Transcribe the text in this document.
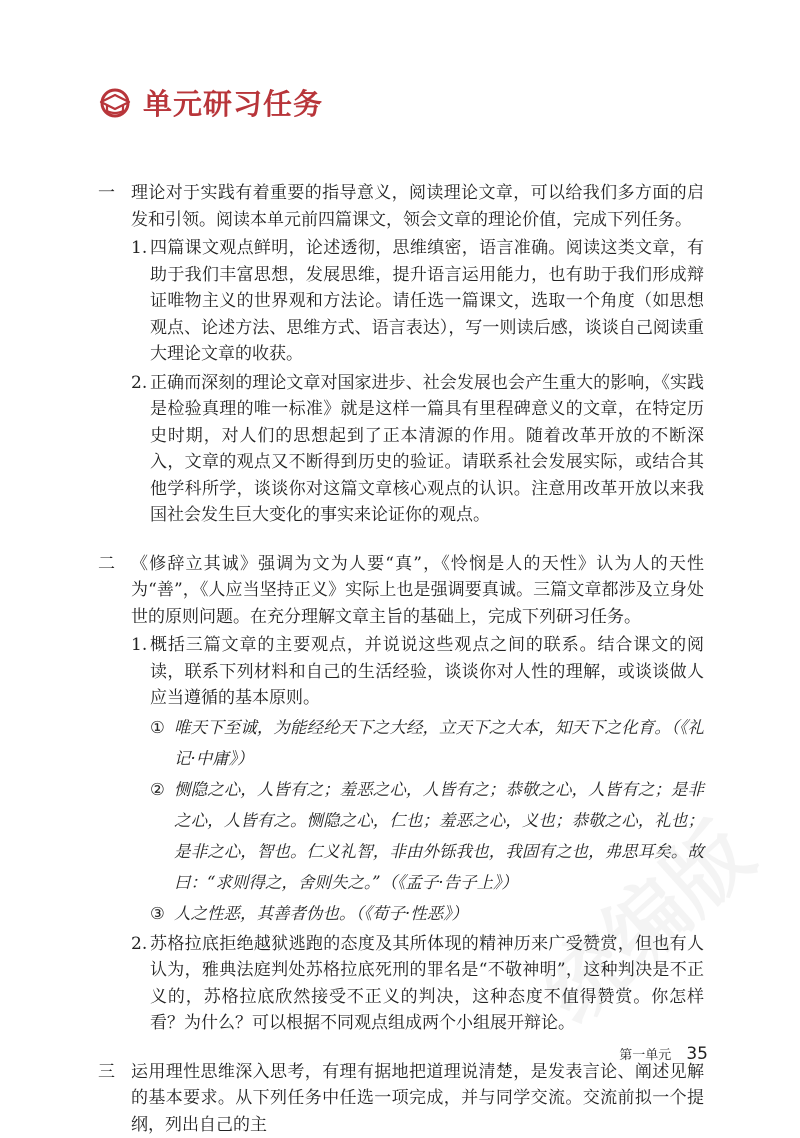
单元研习任务
一 理论对于实践有着重要的指导意义，阅读理论文章，可以给我们多方面的启发和引领。阅读本单元前四篇课文，领会文章的理论价值，完成下列任务。
1. 四篇课文观点鲜明，论述透彻，思维缜密，语言准确。阅读这类文章，有助于我们丰富思想，发展思维，提升语言运用能力，也有助于我们形成辩证唯物主义的世界观和方法论。请任选一篇课文，选取一个角度（如思想观点、论述方法、思维方式、语言表达），写一则读后感，谈谈自己阅读重大理论文章的收获。
2. 正确而深刻的理论文章对国家进步、社会发展也会产生重大的影响，《实践是检验真理的唯一标准》就是这样一篇具有里程碑意义的文章，在特定历史时期，对人们的思想起到了正本清源的作用。随着改革开放的不断深入，文章的观点又不断得到历史的验证。请联系社会发展实际，或结合其他学科所学，谈谈你对这篇文章核心观点的认识。注意用改革开放以来我国社会发生巨大变化的事实来论证你的观点。
二 《修辞立其诚》强调为文为人要“真”，《怜悯是人的天性》认为人的天性为“善”，《人应当坚持正义》实际上也是强调要真诚。三篇文章都涉及立身处世的原则问题。在充分理解文章主旨的基础上，完成下列研习任务。
1. 概括三篇文章的主要观点，并说说这些观点之间的联系。结合课文的阅读，联系下列材料和自己的生活经验，谈谈你对人性的理解，或谈谈做人应当遵循的基本原则。
① 唯天下至诚，为能经纶天下之大经，立天下之大本，知天下之化育。（《礼记·中庸》）
② 恻隐之心，人皆有之；羞恶之心，人皆有之；恭敬之心，人皆有之；是非之心，人皆有之。恻隐之心，仁也；羞恶之心，义也；恭敬之心，礼也；是非之心，智也。仁义礼智，非由外铄我也，我固有之也，弗思耳矣。故曰：“求则得之，舍则失之。”（《孟子·告子上》）
③ 人之性恶，其善者伪也。（《荀子·性恶》）
2. 苏格拉底拒绝越狱逃跑的态度及其所体现的精神历来广受赞赏，但也有人认为，雅典法庭判处苏格拉底死刑的罪名是“不敬神明”，这种判决是不正义的，苏格拉底欣然接受不正义的判决，这种态度不值得赞赏。你怎样看？为什么？可以根据不同观点组成两个小组展开辩论。
三 运用理性思维深入思考，有理有据地把道理说清楚，是发表言论、阐述见解的基本要求。从下列任务中任选一项完成，并与同学交流。交流前拟一个提纲，列出自己的主
第一单元 35
